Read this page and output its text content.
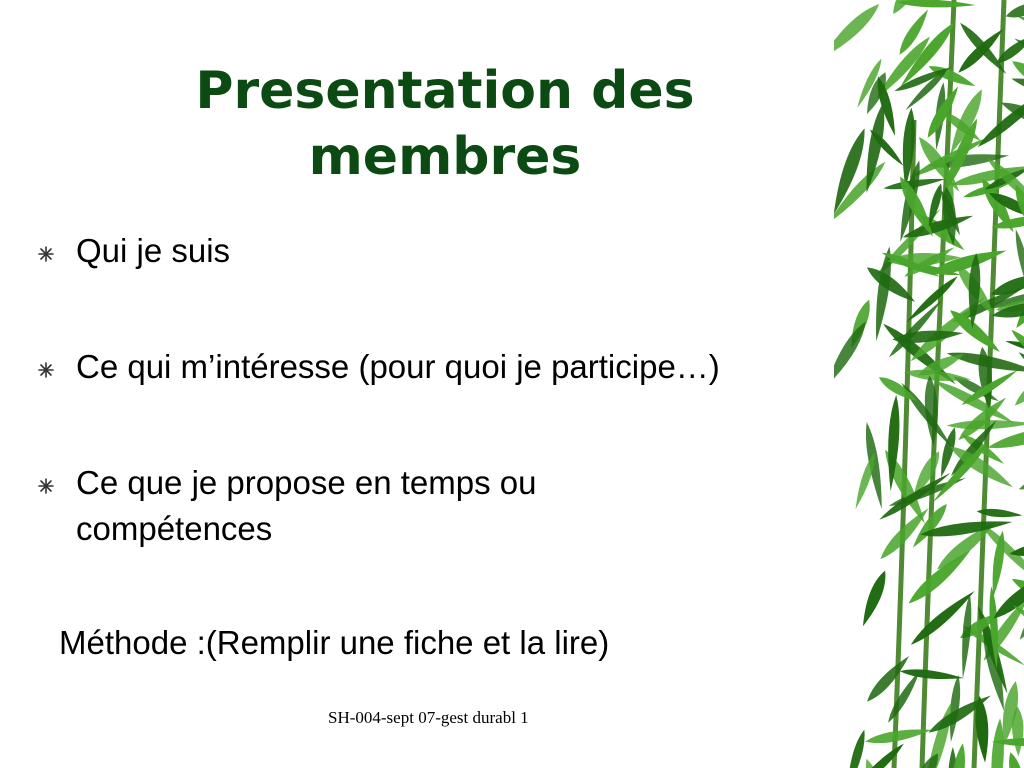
Presentation des
membres
Qui je suis
Ce qui m’intéresse (pour quoi je participe…)
Ce que je propose en temps ou
compétences

Méthode :(Remplir une fiche et la lire)

SH-004-sept 07-gest durabl 1
